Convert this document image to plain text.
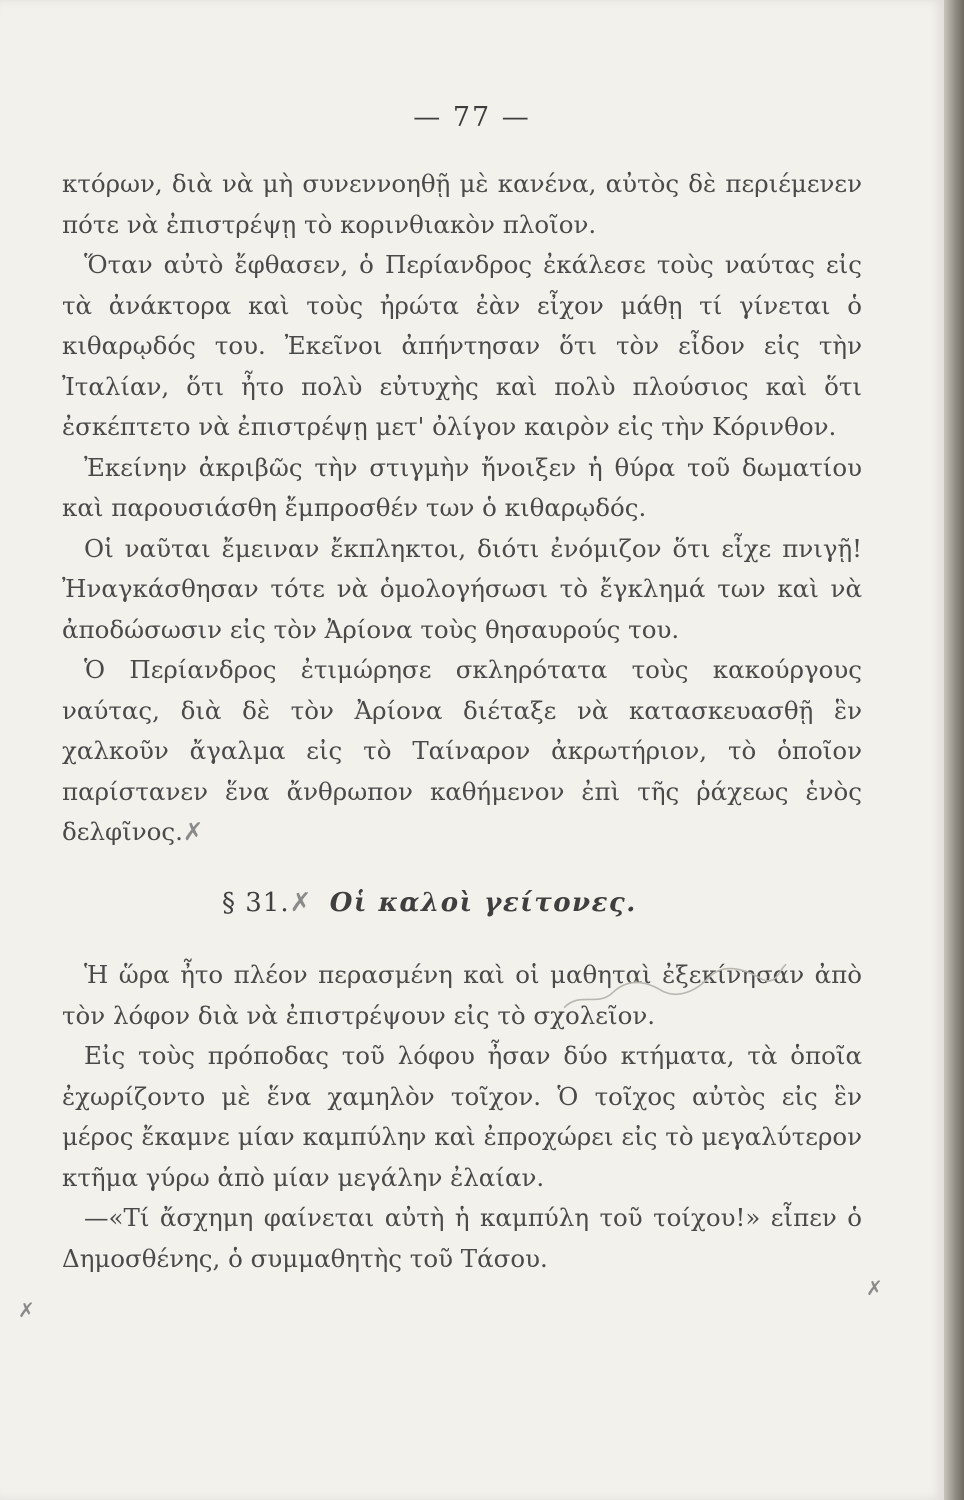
— 77 —

κτόρων, διὰ νὰ μὴ συνεννοηθῇ μὲ κανένα, αὐτὸς δὲ περιέμενεν πότε νὰ ἐπιστρέψῃ τὸ κορινθιακὸν πλοῖον.

Ὅταν αὐτὸ ἔφθασεν, ὁ Περίανδρος ἐκάλεσε τοὺς ναύτας εἰς τὰ ἀνάκτορα καὶ τοὺς ἠρώτα ἐὰν εἶχον μάθῃ τί γίνεται ὁ κιθαρῳδός του. Ἐκεῖνοι ἀπήντησαν ὅτι τὸν εἶδον εἰς τὴν Ἰταλίαν, ὅτι ἦτο πολὺ εὐτυχὴς καὶ πολὺ πλούσιος καὶ ὅτι ἐσκέπτετο νὰ ἐπιστρέψῃ μετ' ὀλίγον καιρὸν εἰς τὴν Κόρινθον.

Ἐκείνην ἀκριβῶς τὴν στιγμὴν ἤνοιξεν ἡ θύρα τοῦ δωματίου καὶ παρουσιάσθη ἔμπροσθέν των ὁ κιθαρῳδός.

Οἱ ναῦται ἔμειναν ἔκπληκτοι, διότι ἐνόμιζον ὅτι εἶχε πνιγῇ! Ἠναγκάσθησαν τότε νὰ ὁμολογήσωσι τὸ ἔγκλημά των καὶ νὰ ἀποδώσωσιν εἰς τὸν Ἀρίονα τοὺς θησαυρούς του.

Ὁ Περίανδρος ἐτιμώρησε σκληρότατα τοὺς κακούργους ναύτας, διὰ δὲ τὸν Ἀρίονα διέταξε νὰ κατασκευασθῇ ἓν χαλκοῦν ἄγαλμα εἰς τὸ Ταίναρον ἀκρωτήριον, τὸ ὁποῖον παρίστανεν ἕνα ἄνθρωπον καθήμενον ἐπὶ τῆς ῥάχεως ἑνὸς δελφῖνος.✗

§ 31.✗ Οἱ καλοὶ γείτονες.

Ἡ ὥρα ἦτο πλέον περασμένη καὶ οἱ μαθηταὶ ἐξεκίνησαν ἀπὸ τὸν λόφον διὰ νὰ ἐπιστρέψουν εἰς τὸ σχολεῖον.

Εἰς τοὺς πρόποδας τοῦ λόφου ἦσαν δύο κτήματα, τὰ ὁποῖα ἐχωρίζοντο μὲ ἕνα χαμηλὸν τοῖχον. Ὁ τοῖχος αὐτὸς εἰς ἓν μέρος ἔκαμνε μίαν καμπύλην καὶ ἐπροχώρει εἰς τὸ μεγαλύτερον κτῆμα γύρω ἀπὸ μίαν μεγάλην ἐλαίαν.

—«Τί ἄσχημη φαίνεται αὐτὴ ἡ καμπύλη τοῦ τοίχου!» εἶπεν ὁ Δημοσθένης, ὁ συμμαθητὴς τοῦ Τάσου.

✗
✗
